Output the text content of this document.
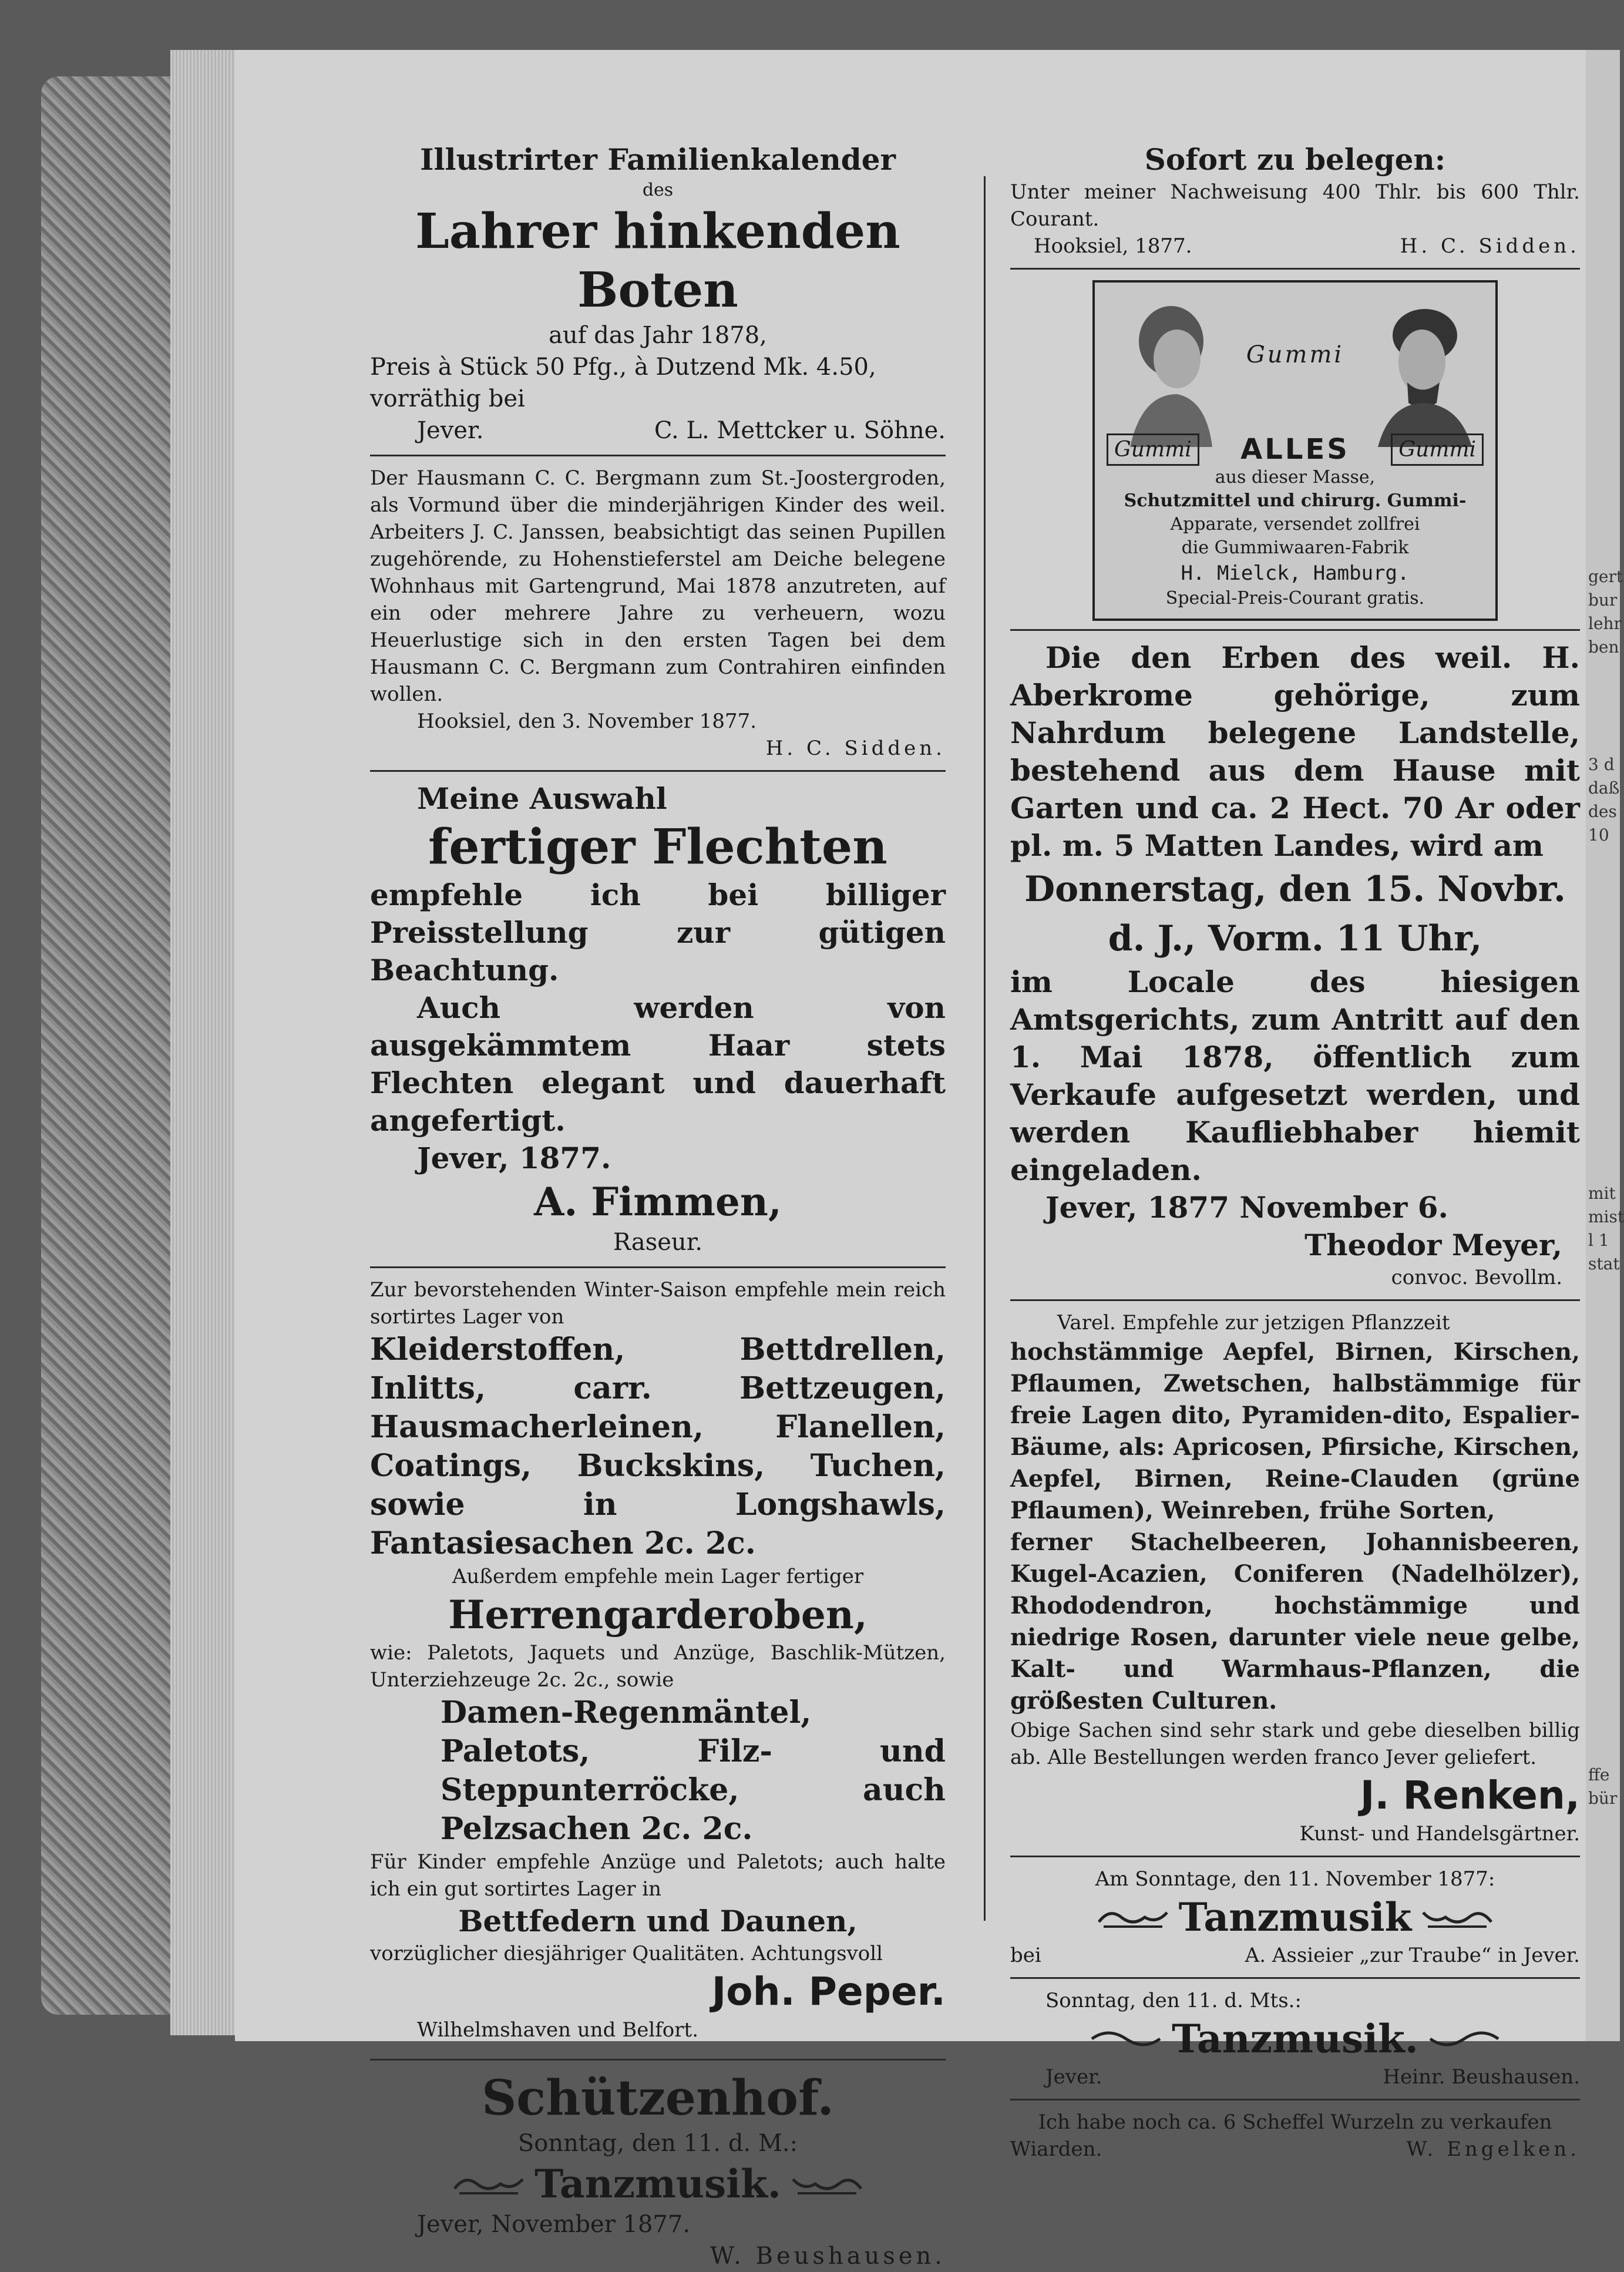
gert
bur
lehr
ben
3 d
daß
des
10
mit
mist
l 1
stat
ffe
bür
Illustrirter Familienkalender
des
Lahrer hinkenden Boten
auf das Jahr 1878,
Preis à Stück 50 Pfg., à Dutzend Mk. 4.50,
vorräthig bei
Jever.	C. L. Mettcker u. Söhne.
Der Hausmann C. C. Bergmann zum St.-Joostergroden, als Vormund über die minderjährigen Kinder des weil. Arbeiters J. C. Janssen, beabsichtigt das seinen Pupillen zugehörende, zu Hohenstieferstel am Deiche belegene Wohnhaus mit Gartengrund, Mai 1878 anzutreten, auf ein oder mehrere Jahre zu verheuern, wozu Heuerlustige sich in den ersten Tagen bei dem Hausmann C. C. Bergmann zum Contrahiren einfinden wollen.
Hooksiel, den 3. November 1877.
H. C. Sidden.
Meine Auswahl
fertiger Flechten
empfehle ich bei billiger Preisstellung zur gütigen Beachtung.
Auch werden von ausgekämmtem Haar stets Flechten elegant und dauerhaft angefertigt.
Jever, 1877.
A. Fimmen,
Raseur.
Zur bevorstehenden Winter-Saison empfehle mein reich sortirtes Lager von
Kleiderstoffen, Bettdrellen, Inlitts, carr. Bettzeugen, Hausmacherleinen, Flanellen, Coatings, Buckskins, Tuchen, sowie in Longshawls, Fantasiesachen 2c. 2c.
Außerdem empfehle mein Lager fertiger
Herrengarderoben,
wie: Paletots, Jaquets und Anzüge, Baschlik-Mützen, Unterziehzeuge 2c. 2c., sowie
Damen-Regenmäntel, Paletots, Filz- und Steppunterröcke, auch Pelzsachen 2c. 2c.
Für Kinder empfehle Anzüge und Paletots; auch halte ich ein gut sortirtes Lager in
Bettfedern und Daunen,
vorzüglicher diesjähriger Qualitäten. Achtungsvoll
Joh. Peper.
Wilhelmshaven und Belfort.
Schützenhof.
Sonntag, den 11. d. M.:
Tanzmusik.
Jever, November 1877.
W. Beushausen.
Sofort zu belegen:
Unter meiner Nachweisung 400 Thlr. bis 600 Thlr. Courant.
Hooksiel, 1877.	H. C. Sidden.
Gummi
Gummi ALLES	Gummi
aus dieser Masse,
Schutzmittel und chirurg. Gummi-
Apparate, versendet zollfrei
die Gummiwaaren-Fabrik
H. Mielck, Hamburg.
Special-Preis-Courant gratis.
Die den Erben des weil. H. Aberkrome gehörige, zum Nahrdum belegene Landstelle, bestehend aus dem Hause mit Garten und ca. 2 Hect. 70 Ar oder pl. m. 5 Matten Landes, wird am
Donnerstag, den 15. Novbr.
d. J., Vorm. 11 Uhr,
im Locale des hiesigen Amtsgerichts, zum Antritt auf den 1. Mai 1878, öffentlich zum Verkaufe aufgesetzt werden, und werden Kaufliebhaber hiemit eingeladen.
Jever, 1877 November 6.
Theodor Meyer,
convoc. Bevollm.
Varel. Empfehle zur jetzigen Pflanzzeit
hochstämmige Aepfel, Birnen, Kirschen, Pflaumen, Zwetschen, halbstämmige für freie Lagen dito, Pyramiden-dito, Espalier-Bäume, als: Apricosen, Pfirsiche, Kirschen, Aepfel, Birnen, Reine-Clauden (grüne Pflaumen), Weinreben, frühe Sorten,
ferner Stachelbeeren, Johannisbeeren, Kugel-Acazien, Coniferen (Nadelhölzer), Rhododendron, hochstämmige und niedrige Rosen, darunter viele neue gelbe, Kalt- und Warmhaus-Pflanzen, die größesten Culturen.
Obige Sachen sind sehr stark und gebe dieselben billig ab. Alle Bestellungen werden franco Jever geliefert.
J. Renken,
Kunst- und Handelsgärtner.
Am Sonntage, den 11. November 1877:
Tanzmusik
bei	A. Assieier „zur Traube“ in Jever.
Sonntag, den 11. d. Mts.:
Tanzmusik.
Jever.	Heinr. Beushausen.
Ich habe noch ca. 6 Scheffel Wurzeln zu verkaufen
Wiarden.	W. Engelken.
